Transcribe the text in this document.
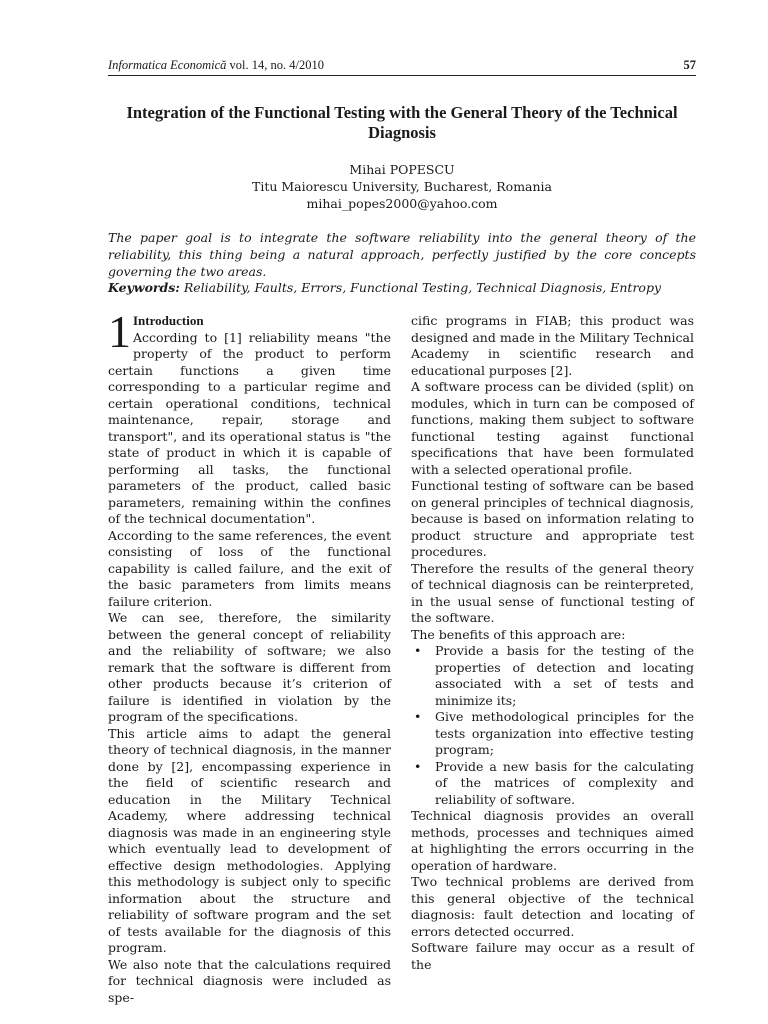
Informatica Economică vol. 14, no. 4/2010	57
Integration of the Functional Testing with the General Theory of the Technical Diagnosis
Mihai POPESCU
Titu Maiorescu University, Bucharest, Romania
mihai_popes2000@yahoo.com
The paper goal is to integrate the software reliability into the general theory of the reliability, this thing being a natural approach, perfectly justified by the core concepts governing the two areas.
Keywords: Reliability, Faults, Errors, Functional Testing, Technical Diagnosis, Entropy
1 Introduction

According to [1] reliability means "the property of the product to perform certain functions a given time corresponding to a particular regime and certain operational conditions, technical maintenance, repair, storage and transport", and its operational status is "the state of product in which it is capable of performing all tasks, the functional parameters of the product, called basic parameters, remaining within the confines of the technical documentation".

According to the same references, the event consisting of loss of the functional capability is called failure, and the exit of the basic parameters from limits means failure criterion.

We can see, therefore, the similarity between the general concept of reliability and the reliability of software; we also remark that the software is different from other products because it’s criterion of failure is identified in violation by the program of the specifications.

This article aims to adapt the general theory of technical diagnosis, in the manner done by [2], encompassing experience in the field of scientific research and education in the Military Technical Academy, where addressing technical diagnosis was made in an engineering style which eventually lead to development of effective design methodologies. Applying this methodology is subject only to specific information about the structure and reliability of software program and the set of tests available for the diagnosis of this program.

We also note that the calculations required for technical diagnosis were included as spe-

cific programs in FIAB; this product was designed and made in the Military Technical Academy in scientific research and educational purposes [2].

A software process can be divided (split) on modules, which in turn can be composed of functions, making them subject to software functional testing against functional specifications that have been formulated with a selected operational profile.

Functional testing of software can be based on general principles of technical diagnosis, because is based on information relating to product structure and appropriate test procedures.

Therefore the results of the general theory of technical diagnosis can be reinterpreted, in the usual sense of functional testing of the software.

The benefits of this approach are:

• Provide a basis for the testing of the properties of detection and locating associated with a set of tests and minimize its;
• Give methodological principles for the tests organization into effective testing program;
• Provide a new basis for the calculating of the matrices of complexity and reliability of software.

Technical diagnosis provides an overall methods, processes and techniques aimed at highlighting the errors occurring in the operation of hardware.

Two technical problems are derived from this general objective of the technical diagnosis: fault detection and locating of errors detected occurred.

Software failure may occur as a result of the
